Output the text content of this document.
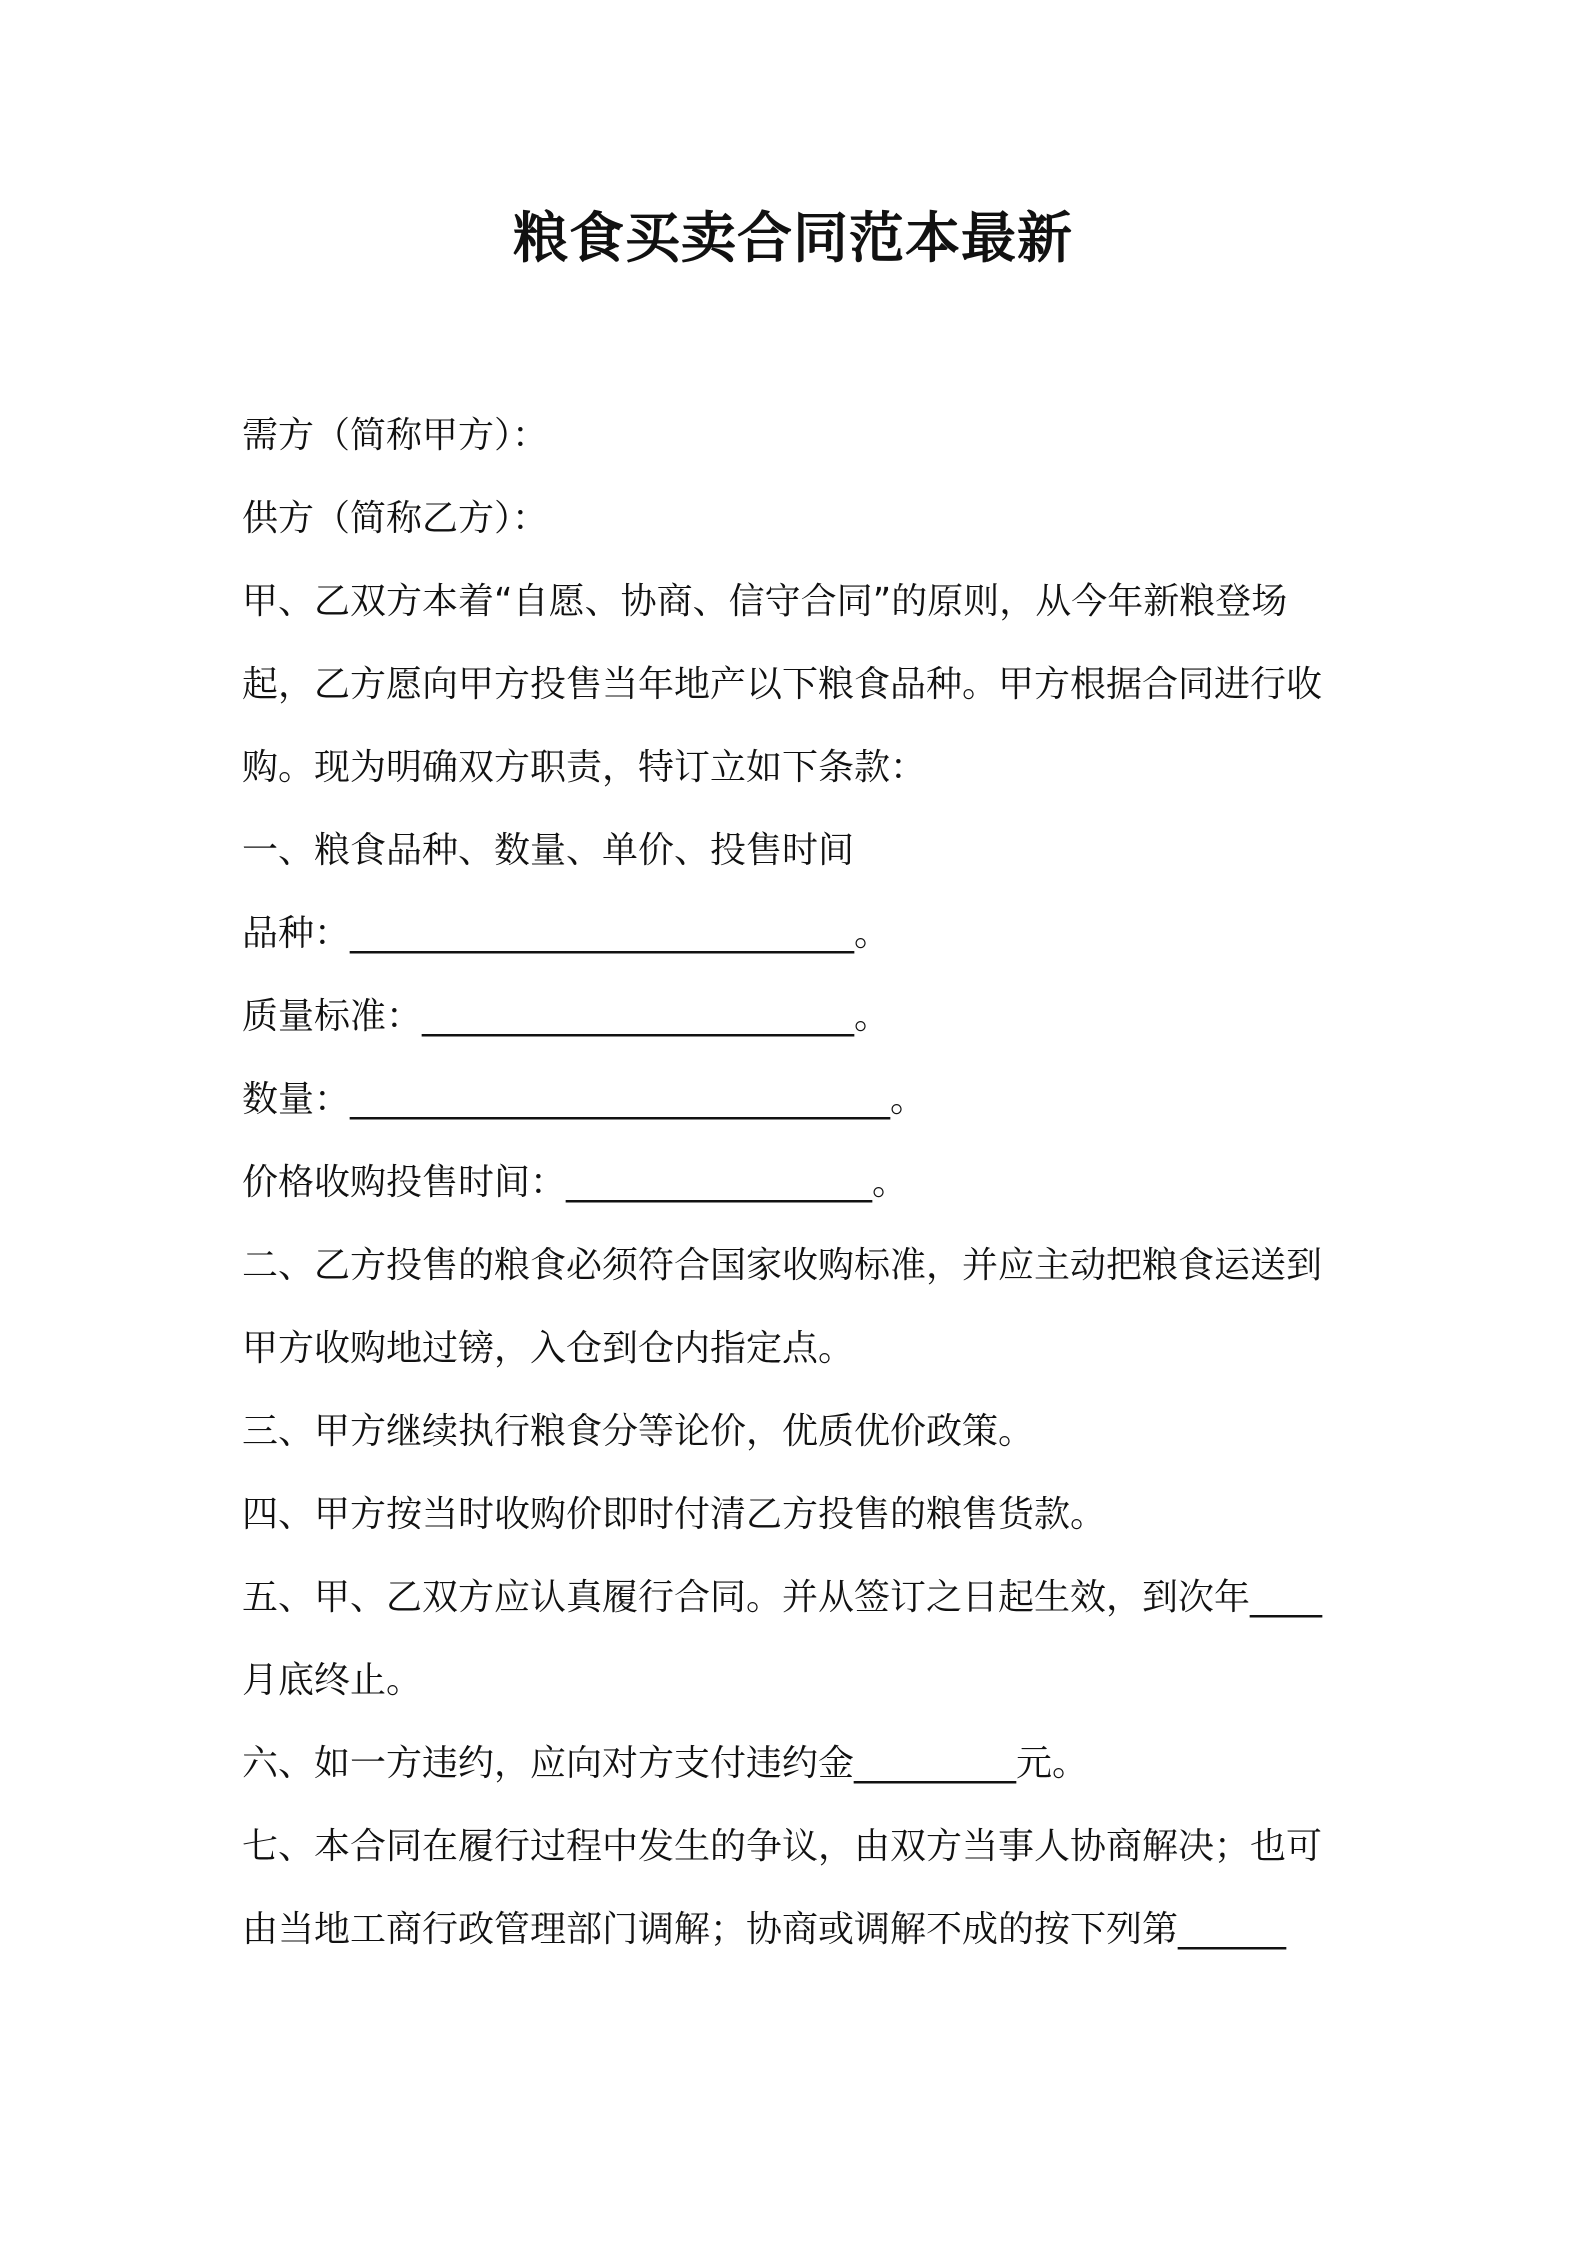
粮食买卖合同范本最新
需方（简称甲方）：
供方（简称乙方）：
甲、乙双方本着“自愿、协商、信守合同”的原则，从今年新粮登场
起，乙方愿向甲方投售当年地产以下粮食品种。甲方根据合同进行收
购。现为明确双方职责，特订立如下条款：
一、粮食品种、数量、单价、投售时间
品种：____________________________。
质量标准：________________________。
数量：______________________________。
价格收购投售时间：_________________。
二、乙方投售的粮食必须符合国家收购标准，并应主动把粮食运送到
甲方收购地过镑，入仓到仓内指定点。
三、甲方继续执行粮食分等论价，优质优价政策。
四、甲方按当时收购价即时付清乙方投售的粮售货款。
五、甲、乙双方应认真履行合同。并从签订之日起生效，到次年____
月底终止。
六、如一方违约，应向对方支付违约金_________元。
七、本合同在履行过程中发生的争议，由双方当事人协商解决；也可
由当地工商行政管理部门调解；协商或调解不成的按下列第______
